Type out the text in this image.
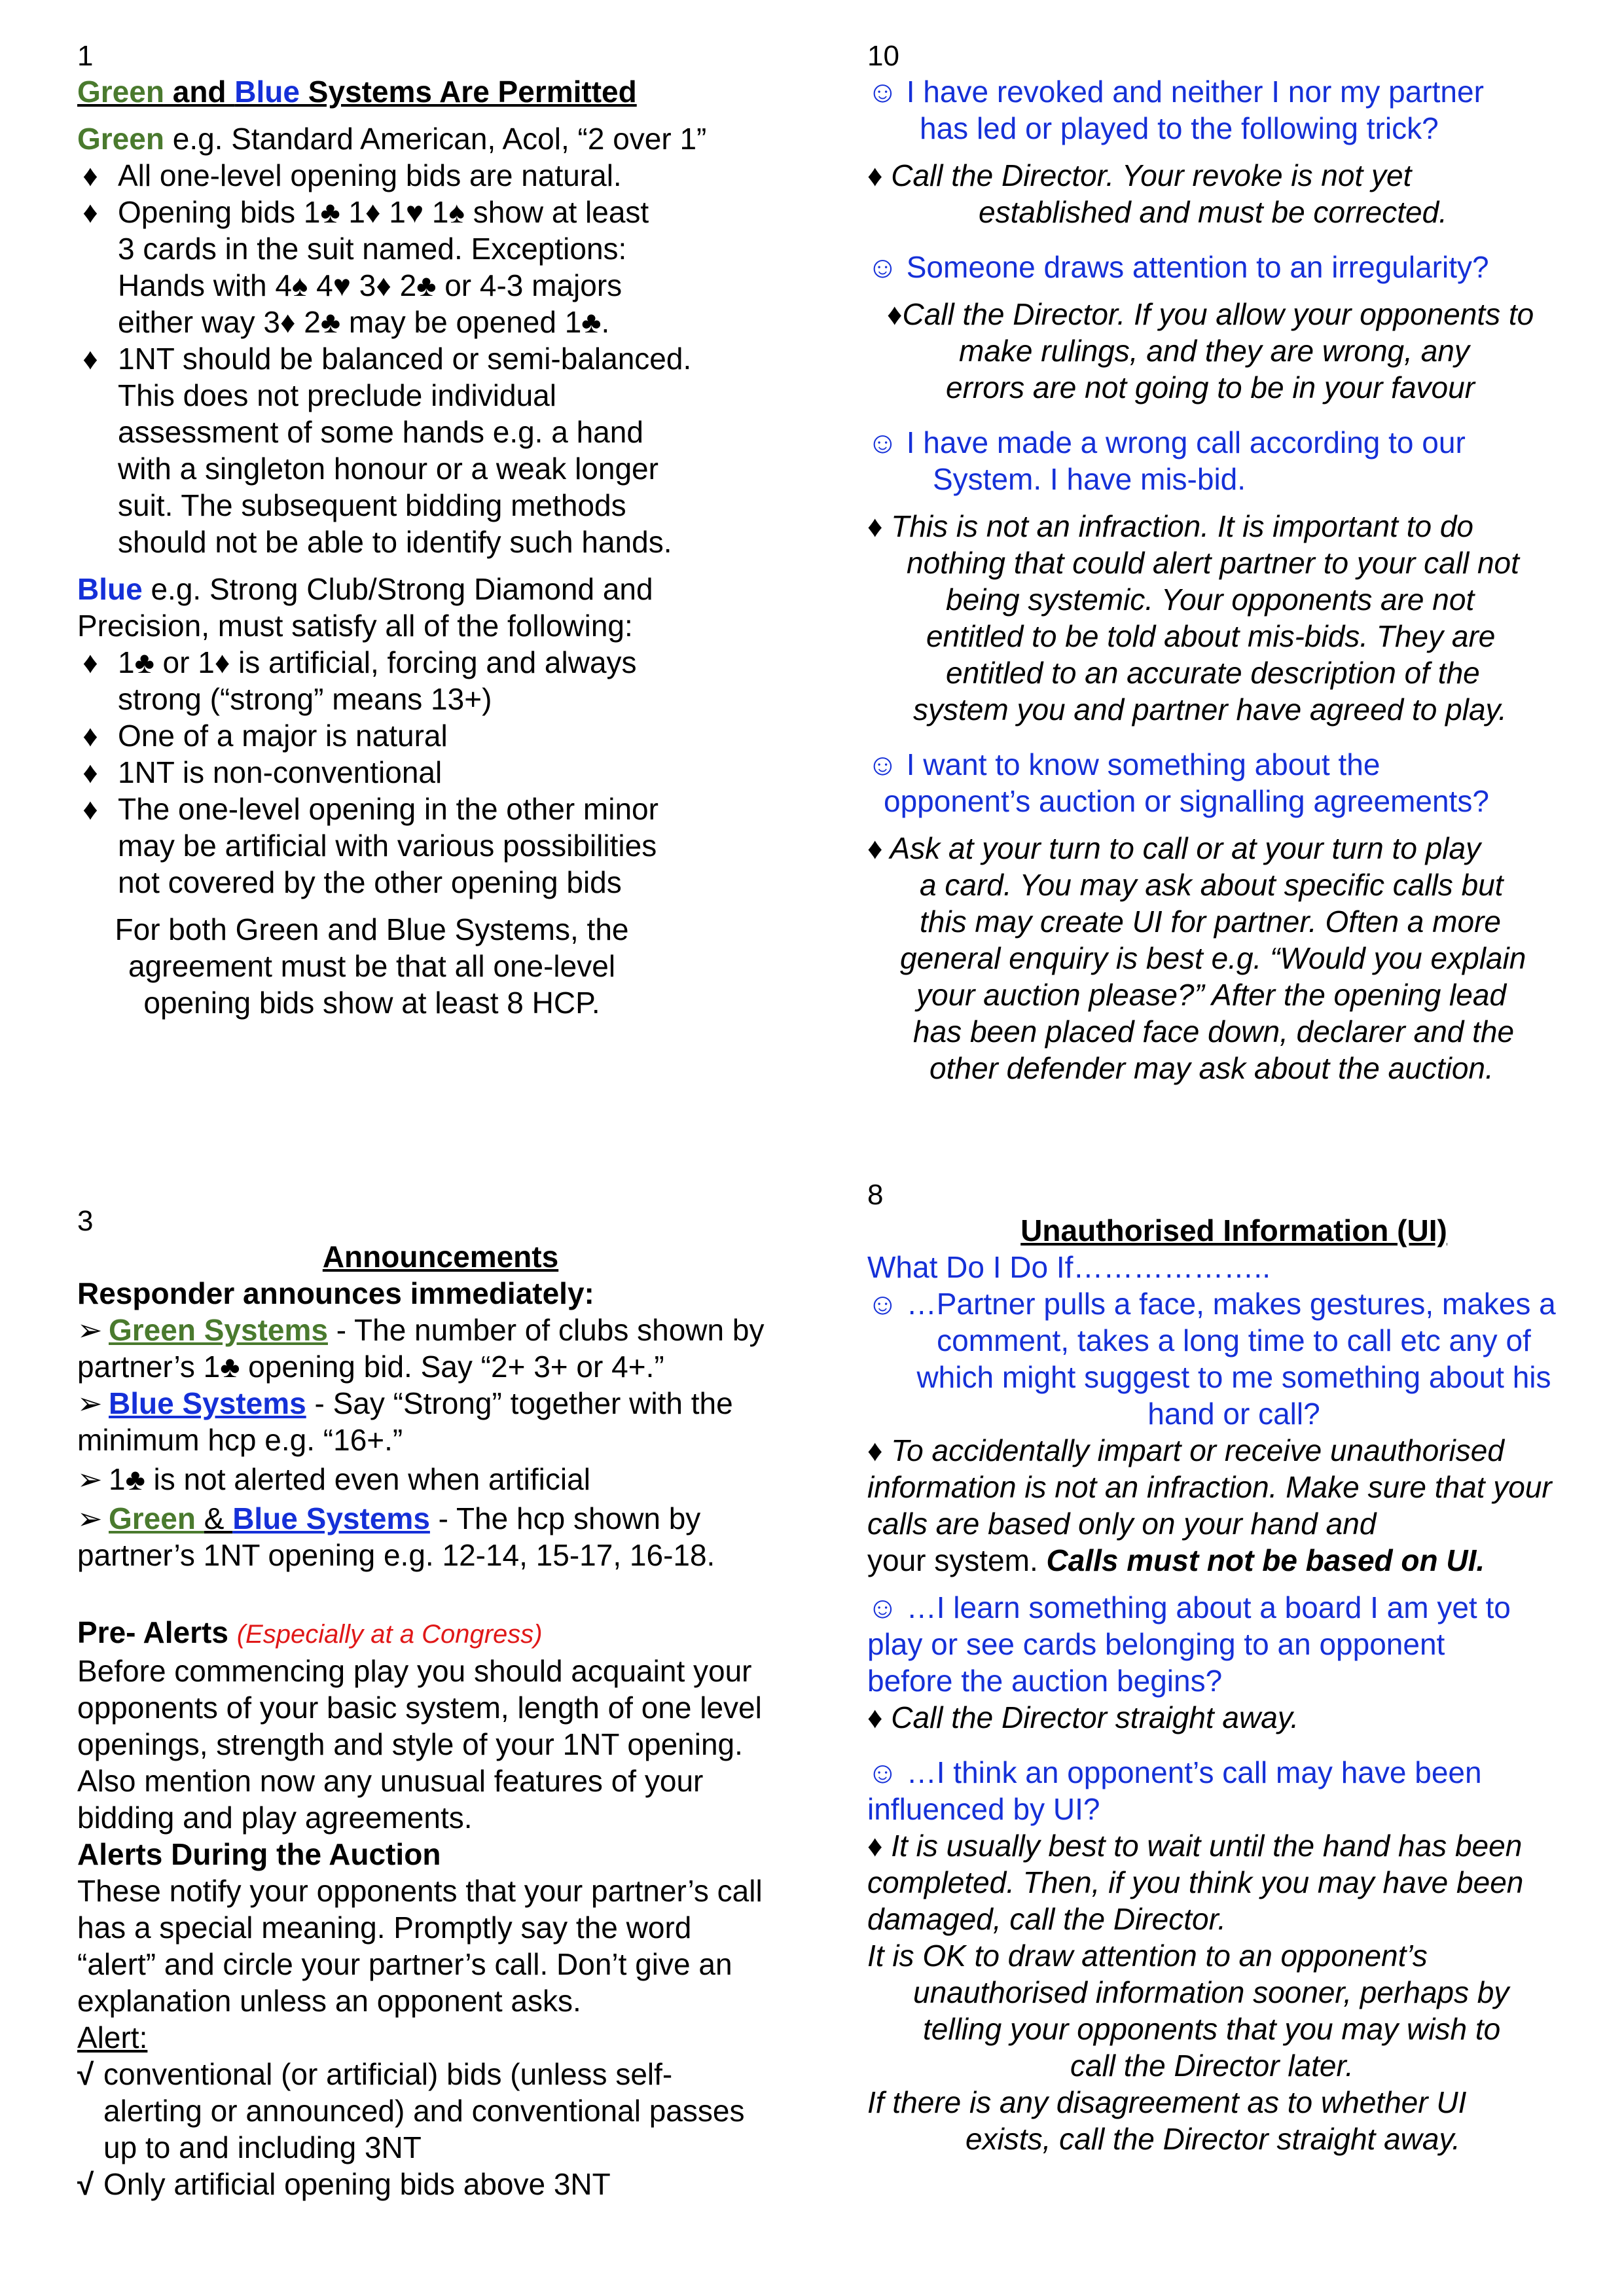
1
Green and Blue Systems Are Permitted
Green e.g. Standard American, Acol, “2 over 1”
♦ All one-level opening bids are natural.
♦ Opening bids 1♣ 1♦ 1♥ 1♠ show at least
3 cards in the suit named. Exceptions:
Hands with 4♠ 4♥ 3♦ 2♣ or 4-3 majors
either way 3♦ 2♣ may be opened 1♣.
♦ 1NT should be balanced or semi-balanced.
This does not preclude individual
assessment of some hands e.g. a hand
with a singleton honour or a weak longer
suit. The subsequent bidding methods
should not be able to identify such hands.
Blue e.g. Strong Club/Strong Diamond and
Precision, must satisfy all of the following:
♦ 1♣ or 1♦ is artificial, forcing and always
strong (“strong” means 13+)
♦ One of a major is natural
♦ 1NT is non-conventional
♦ The one-level opening in the other minor
may be artificial with various possibilities
not covered by the other opening bids
For both Green and Blue Systems, the
agreement must be that all one-level
opening bids show at least 8 HCP.
10
☺ I have revoked and neither I nor my partner
has led or played to the following trick?
♦ Call the Director. Your revoke is not yet
established and must be corrected.
☺ Someone draws attention to an irregularity?
♦Call the Director. If you allow your opponents to
make rulings, and they are wrong, any
errors are not going to be in your favour
☺ I have made a wrong call according to our
System. I have mis-bid.
♦ This is not an infraction. It is important to do
nothing that could alert partner to your call not
being systemic. Your opponents are not
entitled to be told about mis-bids. They are
entitled to an accurate description of the
system you and partner have agreed to play.
☺ I want to know something about the
opponent’s auction or signalling agreements?
♦ Ask at your turn to call or at your turn to play
a card. You may ask about specific calls but
this may create UI for partner. Often a more
general enquiry is best e.g. “Would you explain
your auction please?” After the opening lead
has been placed face down, declarer and the
other defender may ask about the auction.
3
Announcements
Responder announces immediately:
➢ Green Systems - The number of clubs shown by
partner’s 1♣ opening bid. Say “2+ 3+ or 4+.”
➢ Blue Systems - Say “Strong” together with the
minimum hcp e.g. “16+.”
➢ 1♣ is not alerted even when artificial
➢ Green & Blue Systems - The hcp shown by
partner’s 1NT opening e.g. 12-14, 15-17, 16-18.
Pre- Alerts (Especially at a Congress)
Before commencing play you should acquaint your
opponents of your basic system, length of one level
openings, strength and style of your 1NT opening.
Also mention now any unusual features of your
bidding and play agreements.
Alerts During the Auction
These notify your opponents that your partner’s call
has a special meaning. Promptly say the word
“alert” and circle your partner’s call. Don’t give an
explanation unless an opponent asks.
Alert:
√ conventional (or artificial) bids (unless self-
alerting or announced) and conventional passes
up to and including 3NT
√ Only artificial opening bids above 3NT
8
Unauthorised Information (UI)
What Do I Do If………………..
☺ …Partner pulls a face, makes gestures, makes a
comment, takes a long time to call etc any of
which might suggest to me something about his
hand or call?
♦ To accidentally impart or receive unauthorised
information is not an infraction. Make sure that your
calls are based only on your hand and
your system. Calls must not be based on UI.
☺ …I learn something about a board I am yet to
play or see cards belonging to an opponent
before the auction begins?
♦ Call the Director straight away.
☺ …I think an opponent’s call may have been
influenced by UI?
♦ It is usually best to wait until the hand has been
completed. Then, if you think you may have been
damaged, call the Director.
It is OK to draw attention to an opponent’s
unauthorised information sooner, perhaps by
telling your opponents that you may wish to
call the Director later.
If there is any disagreement as to whether UI
exists, call the Director straight away.
